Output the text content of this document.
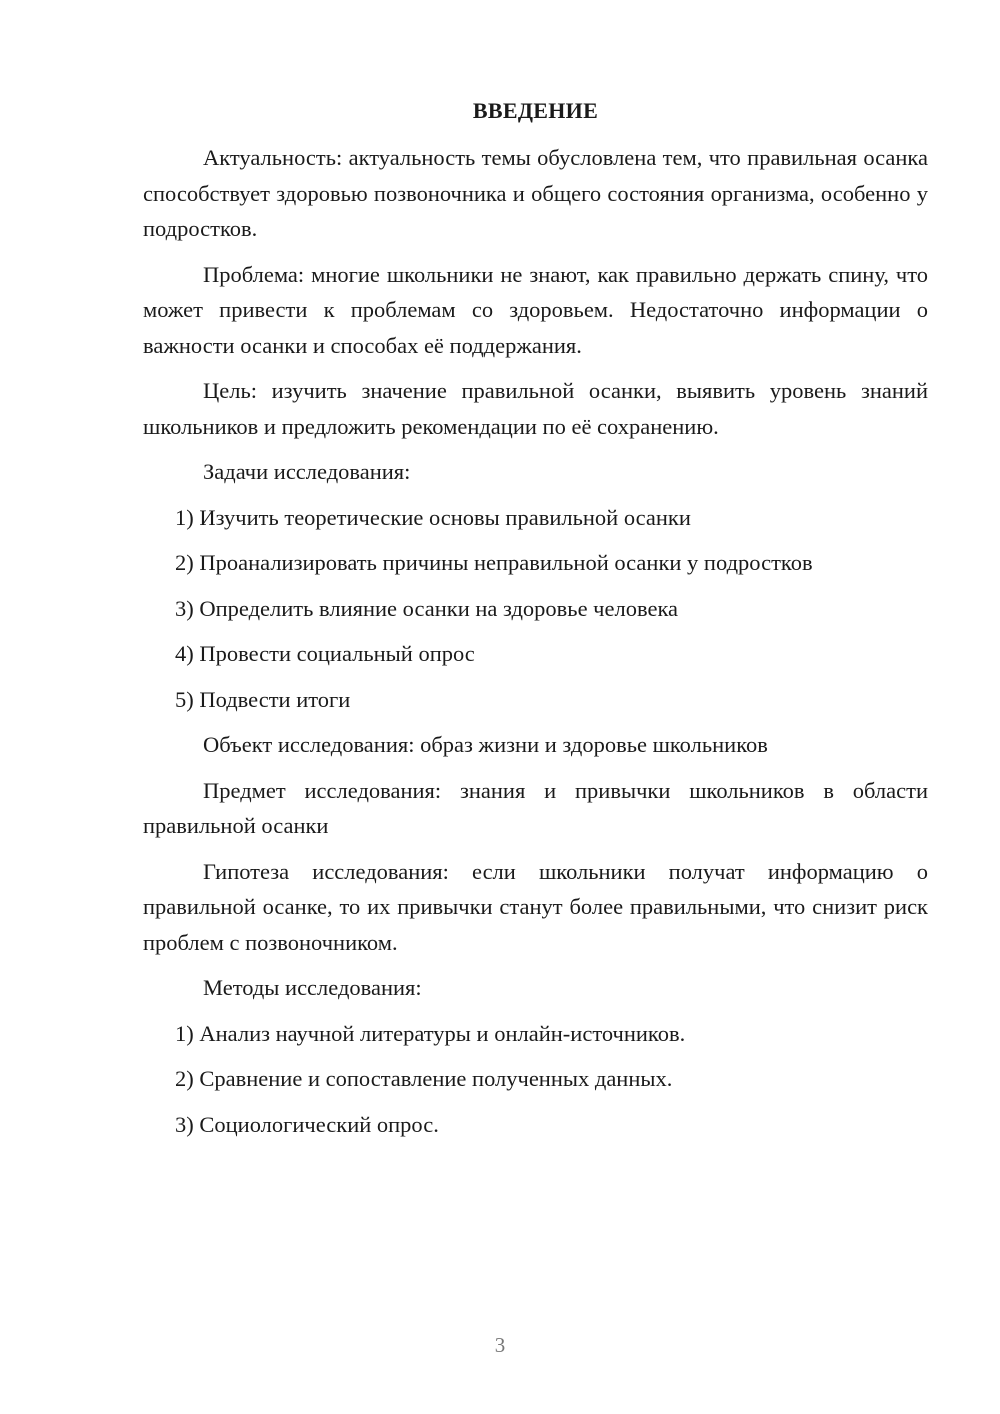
ВВЕДЕНИЕ

Актуальность: актуальность темы обусловлена тем, что правильная осанка способствует здоровью позвоночника и общего состояния организма, особенно у подростков.

Проблема: многие школьники не знают, как правильно держать спину, что может привести к проблемам со здоровьем. Недостаточно информации о важности осанки и способах её поддержания.

Цель: изучить значение правильной осанки, выявить уровень знаний школьников и предложить рекомендации по её сохранению.

Задачи исследования:

1) Изучить теоретические основы правильной осанки

2) Проанализировать причины неправильной осанки у подростков

3) Определить влияние осанки на здоровье человека

4) Провести социальный опрос

5) Подвести итоги

Объект исследования: образ жизни и здоровье школьников

Предмет исследования: знания и привычки школьников в области правильной осанки

Гипотеза исследования: если школьники получат информацию о правильной осанке, то их привычки станут более правильными, что снизит риск проблем с позвоночником.

Методы исследования:

1) Анализ научной литературы и онлайн-источников.

2) Сравнение и сопоставление полученных данных.

3) Социологический опрос.

3
